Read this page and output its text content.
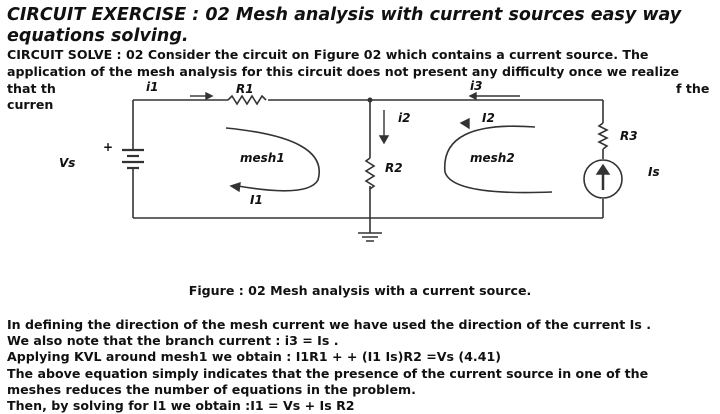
CIRCUIT EXERCISE : 02 Mesh analysis with current sources easy way
equations solving.
CIRCUIT SOLVE : 02 Consider the circuit on Figure 02 which contains a current source. The
application of the mesh analysis for this circuit does not present any difficulty once we realize
that th	f the
curren
i1	R1	i3
i2	I2
R3
Vs
+
mesh1
R2
mesh2
Is
I1
Figure : 02 Mesh analysis with a current source.
In defining the direction of the mesh current we have used the direction of the current Is .
We also note that the branch current : i3 = Is .
Applying KVL around mesh1 we obtain : I1R1 + + (I1 Is)R2 =Vs (4.41)
The above equation simply indicates that the presence of the current source in one of the
meshes reduces the number of equations in the problem.
Then, by solving for I1 we obtain :I1 = Vs + Is R2
